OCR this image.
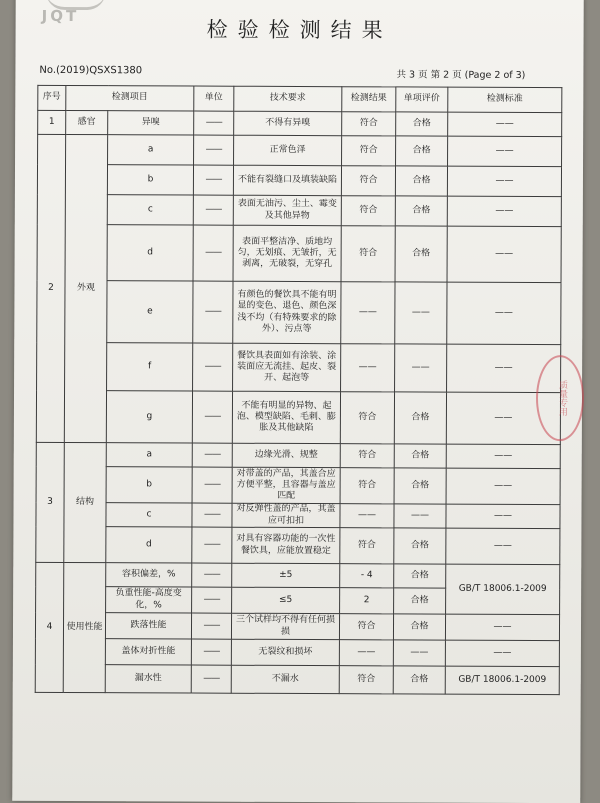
JQT
检验检测结果
No.(2019)QSXS1380	共 3 页 第 2 页 (Page 2 of 3)
序号	检测项目		单位	技术要求	检测结果	单项评价	检测标准
1	感官	异嗅	——	不得有异嗅	符合	合格	——
2	外观	a	——	正常色泽	符合	合格	——
		b	——	不能有裂缝口及填装缺陷	符合	合格	——
		c	——	表面无油污、尘土、霉变及其他异物	符合	合格	——
		d	——	表面平整洁净、质地均匀，无划痕、无皱折，无剥离，无破裂，无穿孔	符合	合格	——
		e	——	有颜色的餐饮具不能有明显的变色、退色、颜色深浅不均（有特殊要求的除外）、污点等	——	——	——
		f	——	餐饮具表面如有涂装、涂装面应无流挂、起皮、裂开、起泡等	——	——	——
		g	——	不能有明显的异物、起泡、模型缺陷、毛刺、膨胀及其他缺陷	符合	合格	——
3	结构	a	——	边缘光滑、规整	符合	合格	——
		b	——	对带盖的产品，其盖合应方便平整，且容器与盖应匹配	符合	合格	——
		c	——	对反弹性盖的产品，其盖应可扣扣	——	——	——
		d	——	对具有容器功能的一次性餐饮具，应能放置稳定	符合	合格	——
4	使用性能	容积偏差，%	——	±5	- 4	合格	GB/T 18006.1-2009
		负重性能-高度变化，%	——	≤5	2	合格	
		跌落性能	——	三个试样均不得有任何损损	符合	合格	——
		盖体对折性能	——	无裂纹和损坏	——	——	——
		漏水性	——	不漏水	符合	合格	GB/T 18006.1-2009
质量专用
